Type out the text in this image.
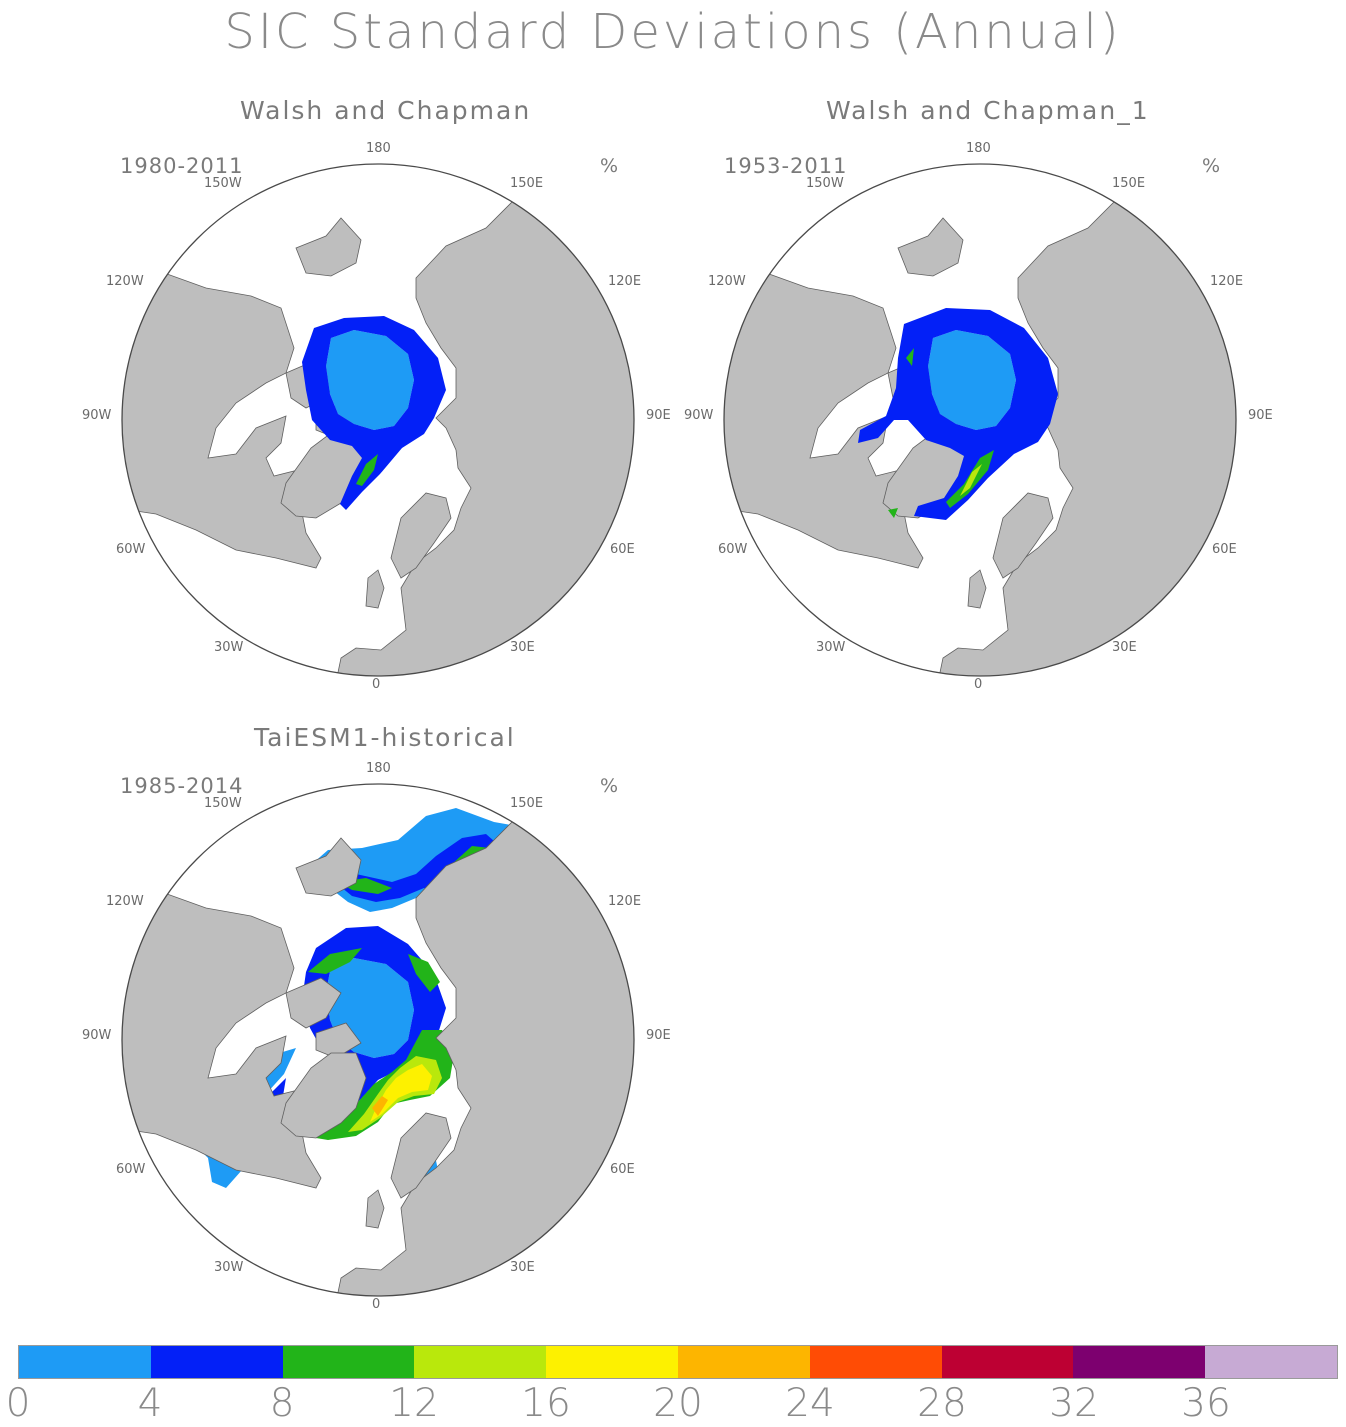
SIC Standard Deviations (Annual)
Walsh and Chapman
1980-2011	%
180
150W	150E
120W	120E
90W	90E
60W	60E
30W	30E
0
Walsh and Chapman_1
1953-2011	%
180
150W	150E
120W	120E
90W	90E
60W	60E
30W	30E
0
TaiESM1-historical
1985-2014	%
180
150W	150E
120W	120E
90W	90E
60W	60E
30W	30E
0
0	4	8 12 16 20 24 28 32 36
